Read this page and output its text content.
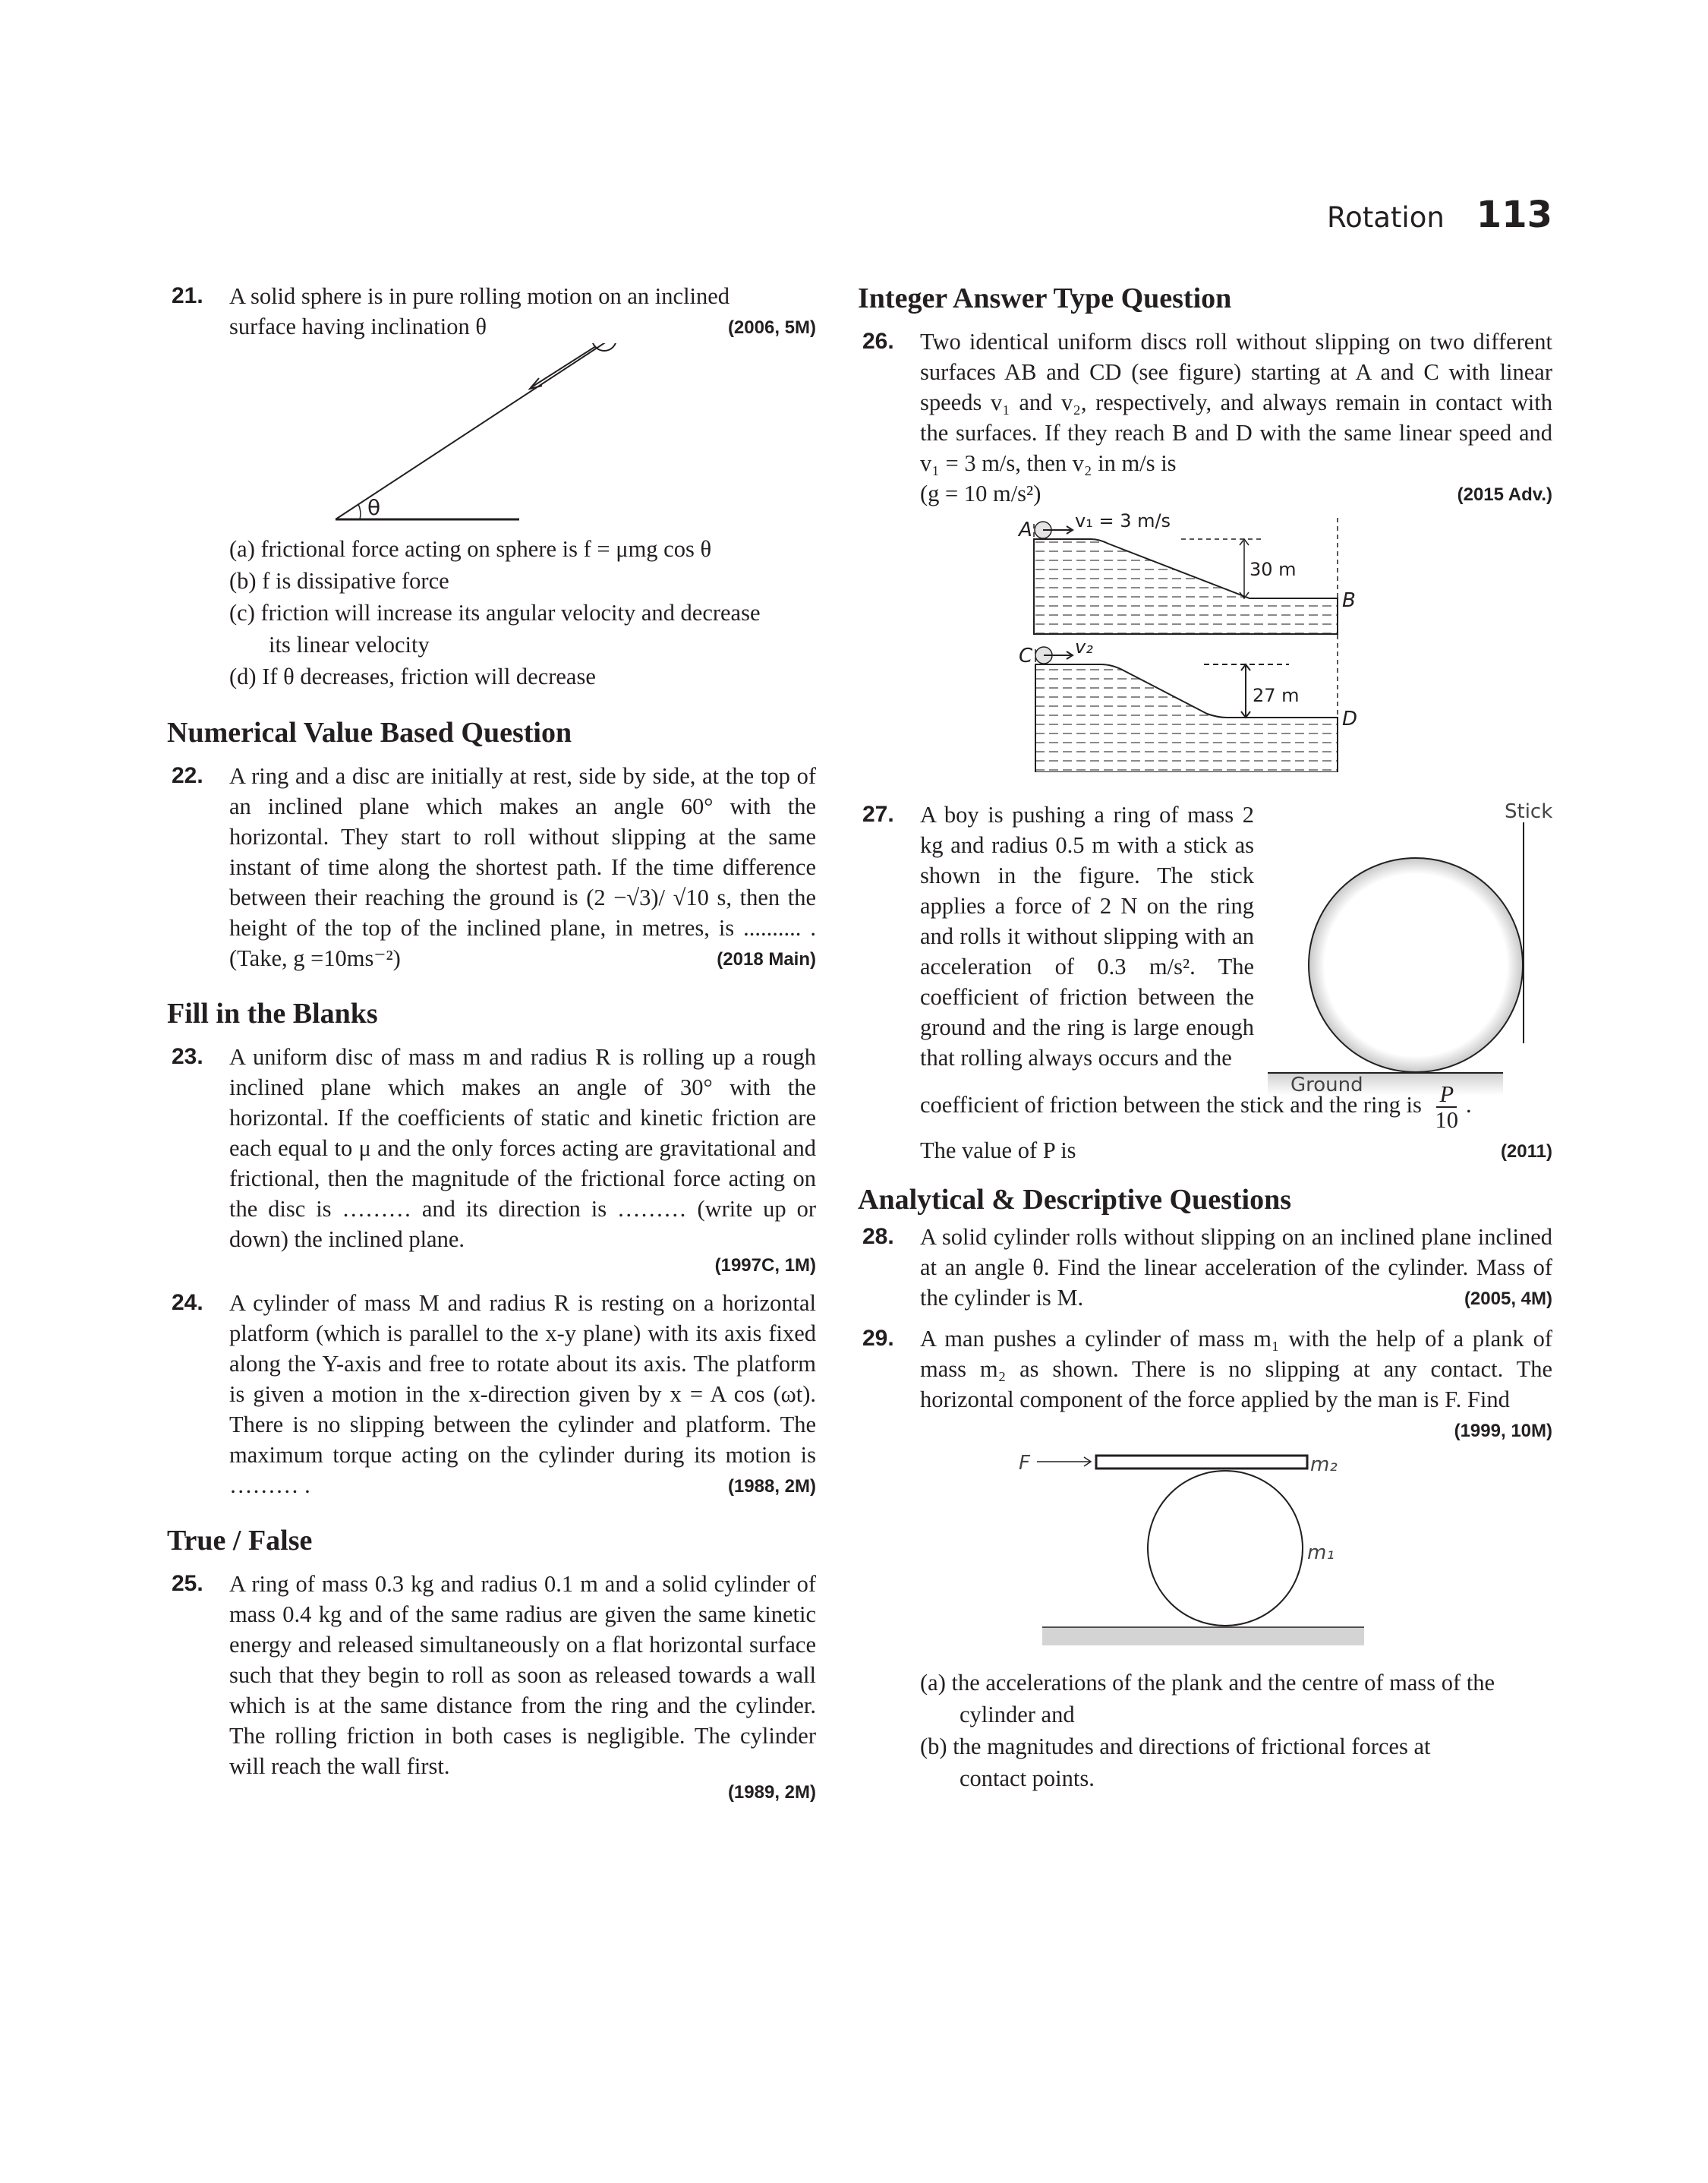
Rotation 113
21. A solid sphere is in pure rolling motion on an inclined
surface having inclination θ	(2006, 5M)
θ
(a) frictional force acting on sphere is f = μmg cos θ
(b) f is dissipative force
(c) friction will increase its angular velocity and decrease
its linear velocity
(d) If θ decreases, friction will decrease
Numerical Value Based Question
22. A ring and a disc are initially at rest, side by side, at the top of an inclined plane which makes an angle 60° with the horizontal. They start to roll without slipping at the same instant of time along the shortest path. If the time difference between their reaching the ground is (2 −√3)/ √10 s, then the height of the top of the inclined plane, in metres, is .......... . (Take, g =10ms⁻²)	(2018 Main)
Fill in the Blanks
23. A uniform disc of mass m and radius R is rolling up a rough inclined plane which makes an angle of 30° with the horizontal. If the coefficients of static and kinetic friction are each equal to μ and the only forces acting are gravitational and frictional, then the magnitude of the frictional force acting on the disc is ……… and its direction is ……… (write up or down) the inclined plane.
(1997C, 1M)
24. A cylinder of mass M and radius R is resting on a horizontal platform (which is parallel to the x-y plane) with its axis fixed along the Y-axis and free to rotate about its axis. The platform is given a motion in the x-direction given by x = A cos (ωt). There is no slipping between the cylinder and platform. The maximum torque acting on the cylinder during its motion is ……… .	(1988, 2M)
True / False
25. A ring of mass 0.3 kg and radius 0.1 m and a solid cylinder of mass 0.4 kg and of the same radius are given the same kinetic energy and released simultaneously on a flat horizontal surface such that they begin to roll as soon as released towards a wall which is at the same distance from the ring and the cylinder. The rolling friction in both cases is negligible. The cylinder will reach the wall first.
(1989, 2M)
Integer Answer Type Question
26. Two identical uniform discs roll without slipping on two different surfaces AB and CD (see figure) starting at A and C with linear speeds v₁ and v₂, respectively, and always remain in contact with the surfaces. If they reach B and D with the same linear speed and v₁ = 3 m/s, then v₂ in m/s is
(g = 10 m/s²)	(2015 Adv.)
A v₁ = 3 m/s
30 m
B
C v₂
27 m
D
Stick
Ground
27. A boy is pushing a ring of mass 2 kg and radius 0.5 m with a stick as shown in the figure. The stick applies a force of 2 N on the ring and rolls it without slipping with an acceleration of 0.3 m/s². The coefficient of friction between the ground and the ring is large enough that rolling always occurs and the
coefficient of friction between the stick and the ring is $\frac{P}{10}$ .
The value of P is	(2011)
Analytical & Descriptive Questions
28. A solid cylinder rolls without slipping on an inclined plane inclined at an angle θ. Find the linear acceleration of the cylinder. Mass of the cylinder is M.	(2005, 4M)
29. A man pushes a cylinder of mass m₁ with the help of a plank of mass m₂ as shown. There is no slipping at any contact. The horizontal component of the force applied by the man is F. Find
(1999, 10M)
F	m₂
m₁
(a) the accelerations of the plank and the centre of mass of the
cylinder and
(b) the magnitudes and directions of frictional forces at
contact points.
